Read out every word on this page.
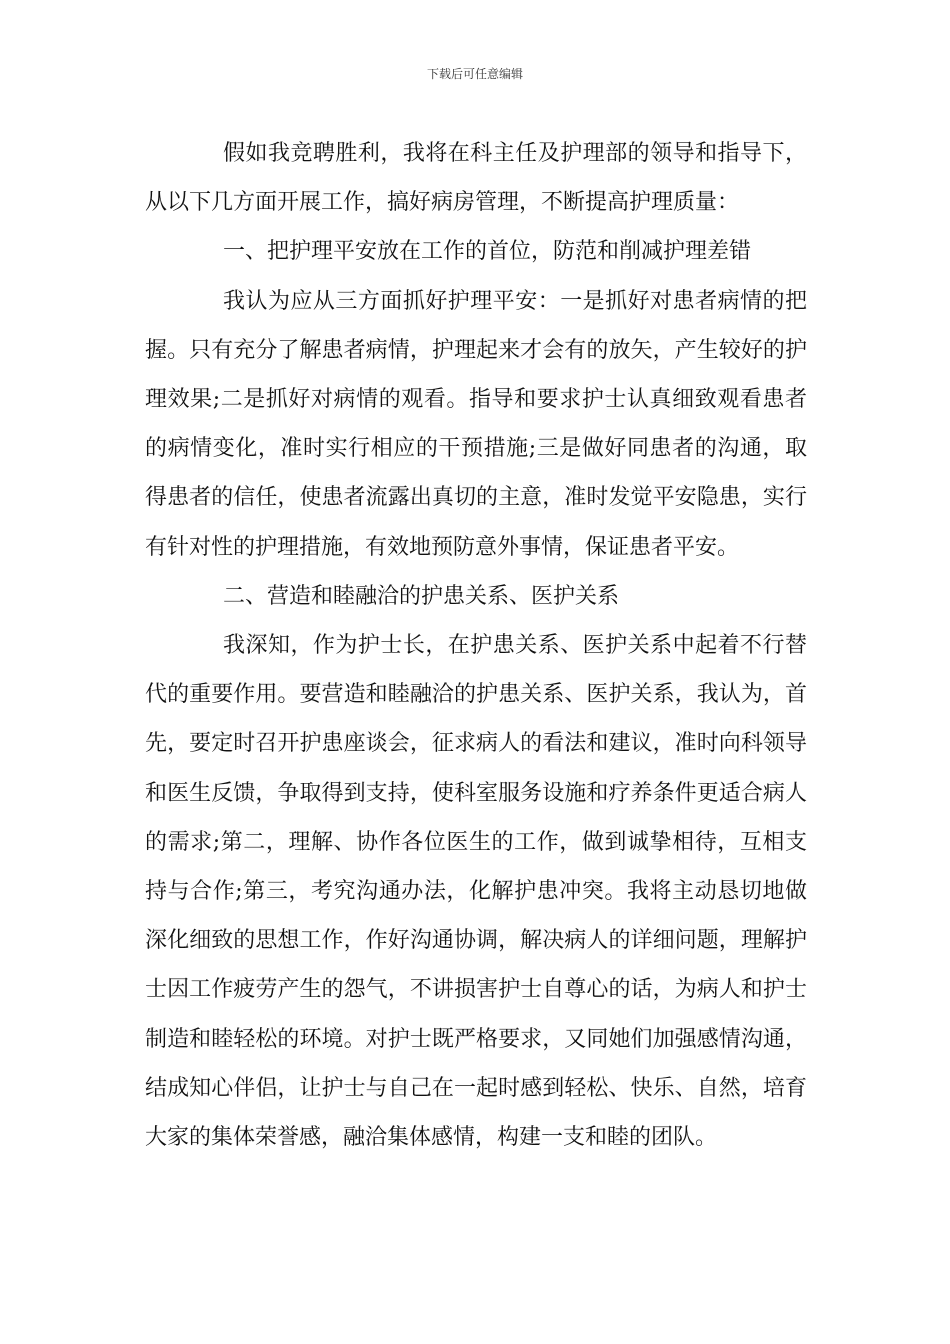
下载后可任意编辑

假如我竞聘胜利，我将在科主任及护理部的领导和指导下，从以下几方面开展工作，搞好病房管理，不断提高护理质量：

一、把护理平安放在工作的首位，防范和削减护理差错

我认为应从三方面抓好护理平安：一是抓好对患者病情的把握。只有充分了解患者病情，护理起来才会有的放矢，产生较好的护理效果;二是抓好对病情的观看。指导和要求护士认真细致观看患者的病情变化，准时实行相应的干预措施;三是做好同患者的沟通，取得患者的信任，使患者流露出真切的主意，准时发觉平安隐患，实行有针对性的护理措施，有效地预防意外事情，保证患者平安。

二、营造和睦融洽的护患关系、医护关系

我深知，作为护士长，在护患关系、医护关系中起着不行替代的重要作用。要营造和睦融洽的护患关系、医护关系，我认为，首先，要定时召开护患座谈会，征求病人的看法和建议，准时向科领导和医生反馈，争取得到支持，使科室服务设施和疗养条件更适合病人的需求;第二，理解、协作各位医生的工作，做到诚挚相待，互相支持与合作;第三，考究沟通办法，化解护患冲突。我将主动恳切地做深化细致的思想工作，作好沟通协调，解决病人的详细问题，理解护士因工作疲劳产生的怨气，不讲损害护士自尊心的话，为病人和护士制造和睦轻松的环境。对护士既严格要求，又同她们加强感情沟通，结成知心伴侣，让护士与自己在一起时感到轻松、快乐、自然，培育大家的集体荣誉感，融洽集体感情，构建一支和睦的团队。
